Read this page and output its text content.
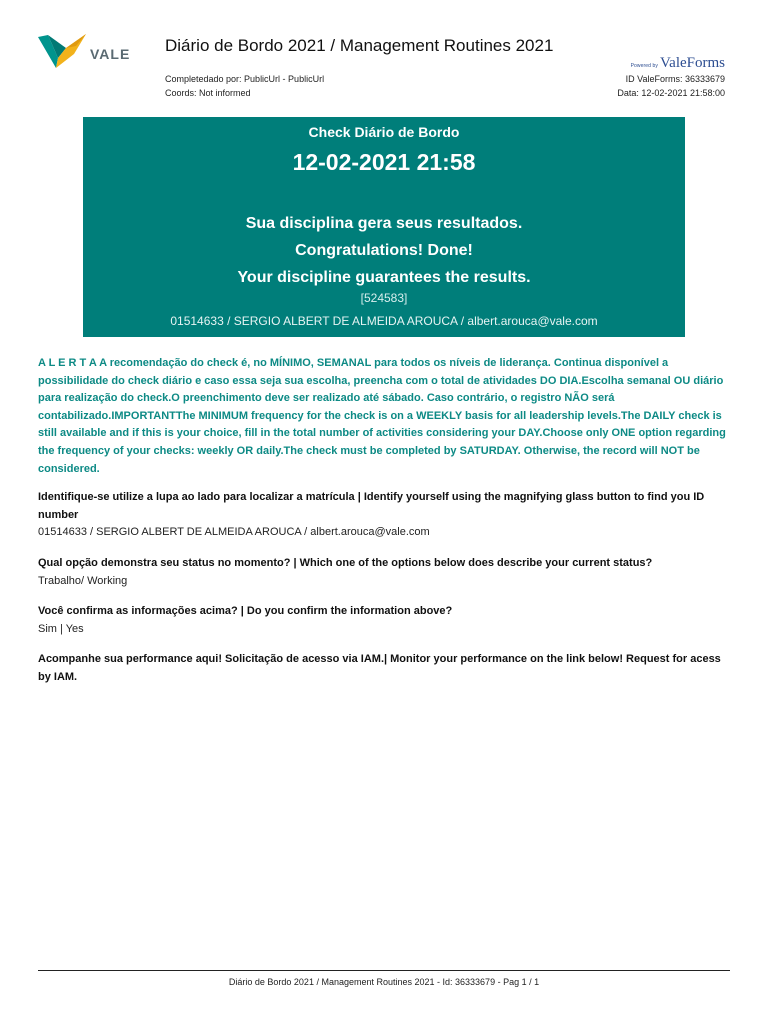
VALE Diário de Bordo 2021 / Management Routines 2021
Completedado por: PublicUrl - PublicUrl
Coords: Not informed
Powered by ValeForms
ID ValeForms: 36333679
Data: 12-02-2021 21:58:00
Check Diário de Bordo
12-02-2021 21:58
Sua disciplina gera seus resultados.
Congratulations! Done!
Your discipline guarantees the results.
[524583]
01514633 / SERGIO ALBERT DE ALMEIDA AROUCA / albert.arouca@vale.com
A L E R T A A recomendação do check é, no MÍNIMO, SEMANAL para todos os níveis de liderança. Continua disponível a possibilidade do check diário e caso essa seja sua escolha, preencha com o total de atividades DO DIA.Escolha semanal OU diário para realização do check.O preenchimento deve ser realizado até sábado. Caso contrário, o registro NÃO será contabilizado.IMPORTANTThe MINIMUM frequency for the check is on a WEEKLY basis for all leadership levels.The DAILY check is still available and if this is your choice, fill in the total number of activities considering your DAY.Choose only ONE option regarding the frequency of your checks: weekly OR daily.The check must be completed by SATURDAY. Otherwise, the record will NOT be considered.
Identifique-se utilize a lupa ao lado para localizar a matrícula | Identify yourself using the magnifying glass button to find you ID number
01514633 / SERGIO ALBERT DE ALMEIDA AROUCA / albert.arouca@vale.com
Qual opção demonstra seu status no momento? | Which one of the options below does describe your current status?
Trabalho/ Working
Você confirma as informações acima? | Do you confirm the information above?
Sim | Yes
Acompanhe sua performance aqui! Solicitação de acesso via IAM.| Monitor your performance on the link below! Request for acess by IAM.
Diário de Bordo 2021 / Management Routines 2021 - Id: 36333679 - Pag 1 / 1
